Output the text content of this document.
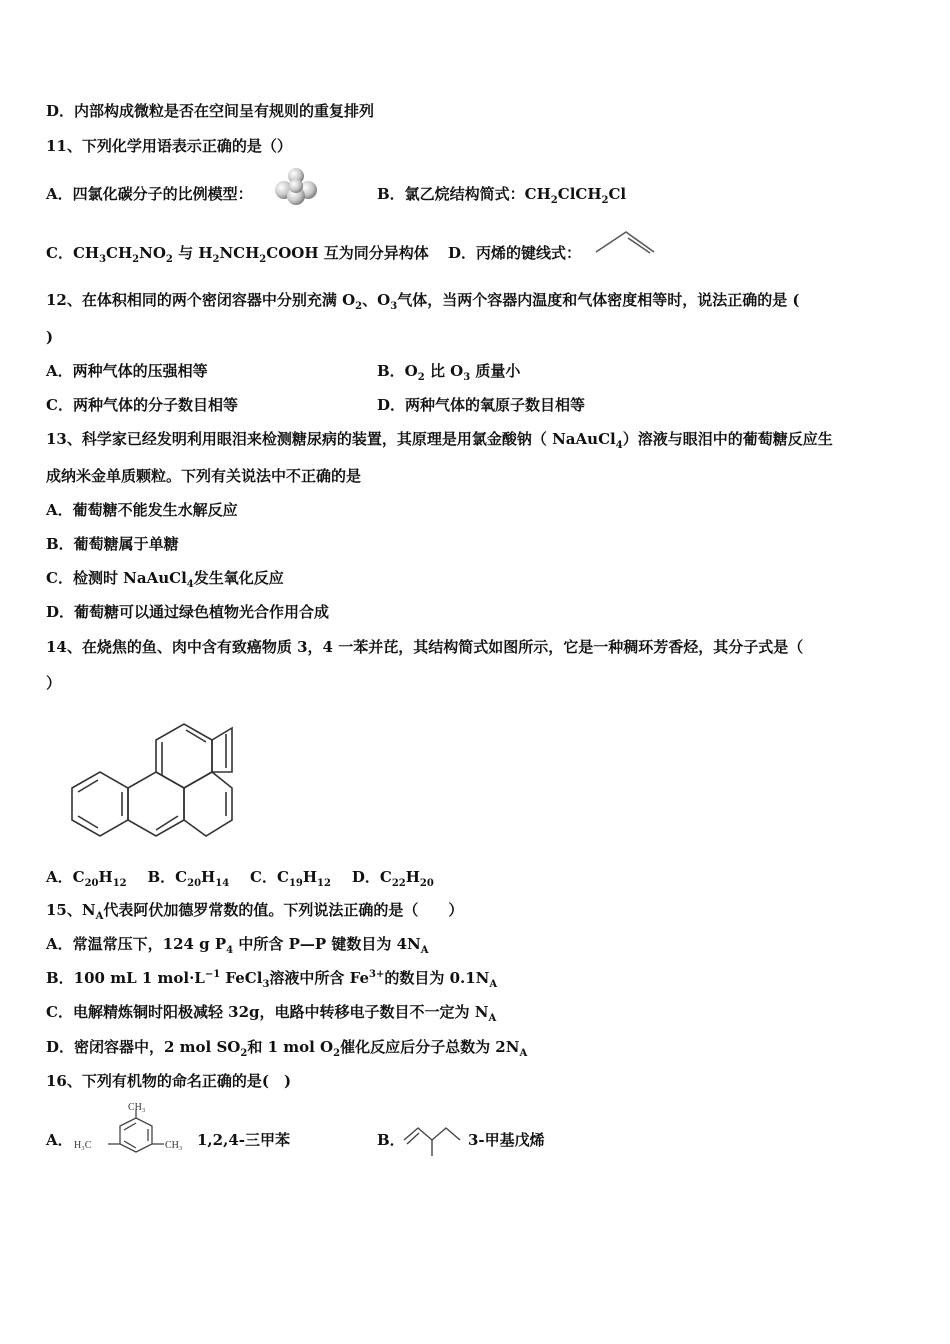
D．内部构成微粒是否在空间呈有规则的重复排列
11、下列化学用语表示正确的是（）
A．四氯化碳分子的比例模型：	B．氯乙烷结构简式：$CH_2ClCH_2Cl$
C．$CH_3CH_2NO_2$ 与 $H_2NCH_2COOH$ 互为同分异构体 D．丙烯的键线式：
12、在体积相同的两个密闭容器中分别充满 $O_2$、$O_3$气体，当两个容器内温度和气体密度相等时，说法正确的是 (
)
A．两种气体的压强相等	B．$O_2$ 比 $O_3$ 质量小
C．两种气体的分子数目相等	D．两种气体的氧原子数目相等
13、科学家已经发明利用眼泪来检测糖尿病的装置，其原理是用氯金酸钠（ NaAuCl$_4$）溶液与眼泪中的葡萄糖反应生
成纳米金单质颗粒。下列有关说法中不正确的是
A．葡萄糖不能发生水解反应
B．葡萄糖属于单糖
C．检测时 NaAuCl$_4$发生氧化反应
D．葡萄糖可以通过绿色植物光合作用合成
14、在烧焦的鱼、肉中含有致癌物质 3，4 一苯并芘，其结构简式如图所示，它是一种稠环芳香烃，其分子式是（
）
A．$C_{20}H_{12}$ B．$C_{20}H_{14}$ C．$C_{19}H_{12}$ D．$C_{22}H_{20}$
15、$N_A$代表阿伏加德罗常数的值。下列说法正确的是（　　）
A．常温常压下，124 g $P_4$ 中所含 P—P 键数目为 $4N_A$
B．100 mL 1 $mol\cdot L^{-1}$ FeCl$_3$溶液中所含 $Fe^{3+}$的数目为 $0.1N_A$
C．电解精炼铜时阳极减轻 32g，电路中转移电子数目不一定为 $N_A$
D．密闭容器中，2 mol $SO_2$和 1 mol $O_2$催化反应后分子总数为 $2N_A$
16、下列有机物的命名正确的是(　)
A．
CH₃
H₃C	CH₃ 1,2,4-三甲苯	B．	3-甲基戊烯
